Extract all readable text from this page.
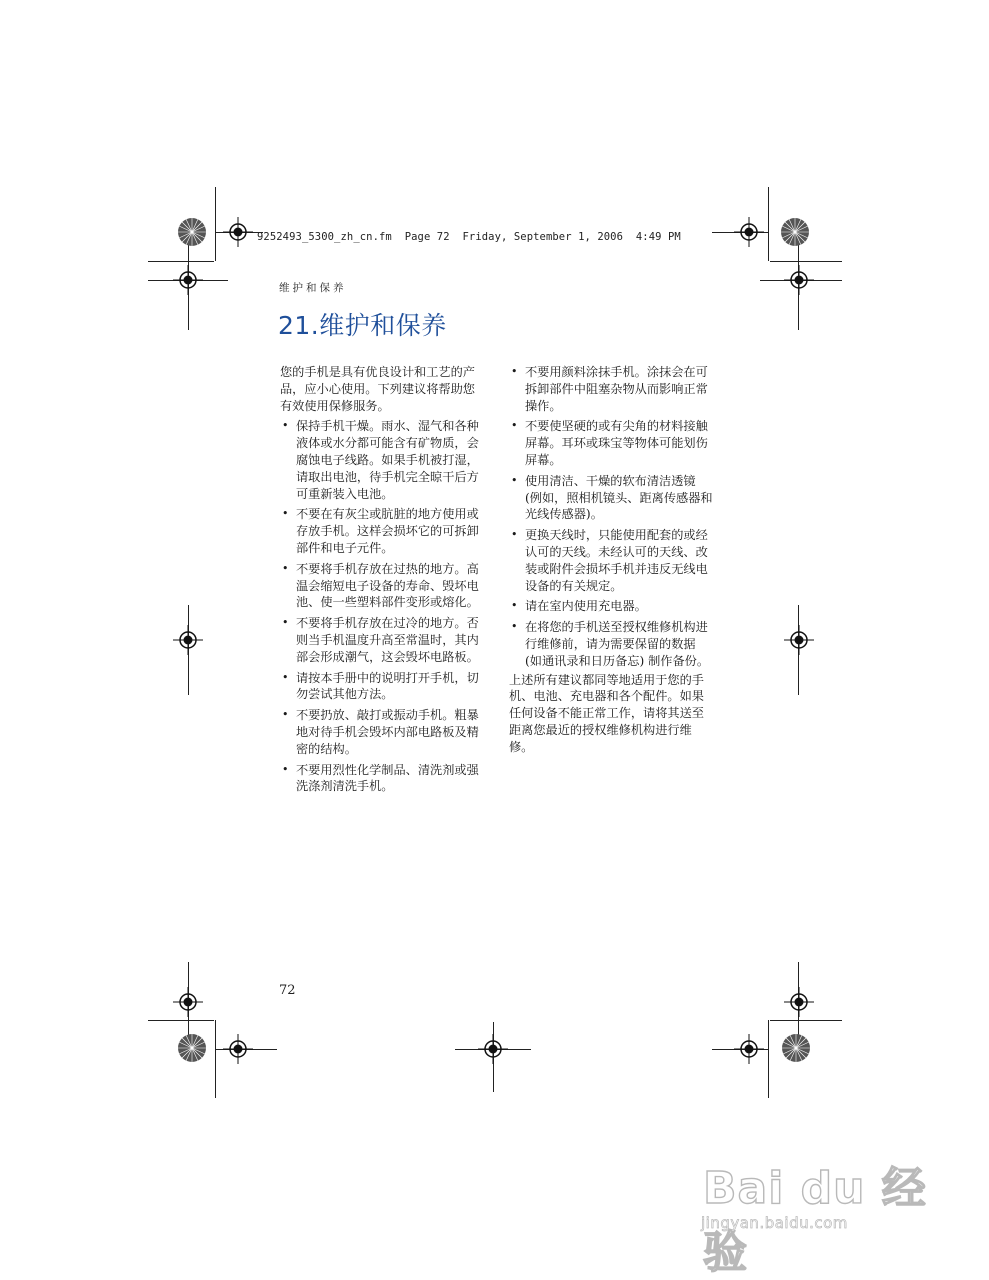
9252493_5300_zh_cn.fm  Page 72  Friday, September 1, 2006  4:49 PM
维护和保养
21.维护和保养

您的手机是具有优良设计和工艺的产品，应小心使用。下列建议将帮助您有效使用保修服务。

• 保持手机干燥。雨水、湿气和各种液体或水分都可能含有矿物质，会腐蚀电子线路。如果手机被打湿，请取出电池，待手机完全晾干后方可重新装入电池。
• 不要在有灰尘或肮脏的地方使用或存放手机。这样会损坏它的可拆卸部件和电子元件。
• 不要将手机存放在过热的地方。高温会缩短电子设备的寿命、毁坏电池、使一些塑料部件变形或熔化。
• 不要将手机存放在过冷的地方。否则当手机温度升高至常温时，其内部会形成潮气，这会毁坏电路板。
• 请按本手册中的说明打开手机，切勿尝试其他方法。
• 不要扔放、敲打或振动手机。粗暴地对待手机会毁坏内部电路板及精密的结构。
• 不要用烈性化学制品、清洗剂或强洗涤剂清洗手机。
• 不要用颜料涂抹手机。涂抹会在可拆卸部件中阻塞杂物从而影响正常操作。
• 不要使坚硬的或有尖角的材料接触屏幕。耳环或珠宝等物体可能划伤屏幕。
• 使用清洁、干燥的软布清洁透镜 (例如，照相机镜头、距离传感器和光线传感器)。
• 更换天线时，只能使用配套的或经认可的天线。未经认可的天线、改装或附件会损坏手机并违反无线电设备的有关规定。
• 请在室内使用充电器。
• 在将您的手机送至授权维修机构进行维修前，请为需要保留的数据 (如通讯录和日历备忘) 制作备份。

上述所有建议都同等地适用于您的手机、电池、充电器和各个配件。如果任何设备不能正常工作，请将其送至距离您最近的授权维修机构进行维修。

72
Bai du 经验
jingyan.baidu.com
